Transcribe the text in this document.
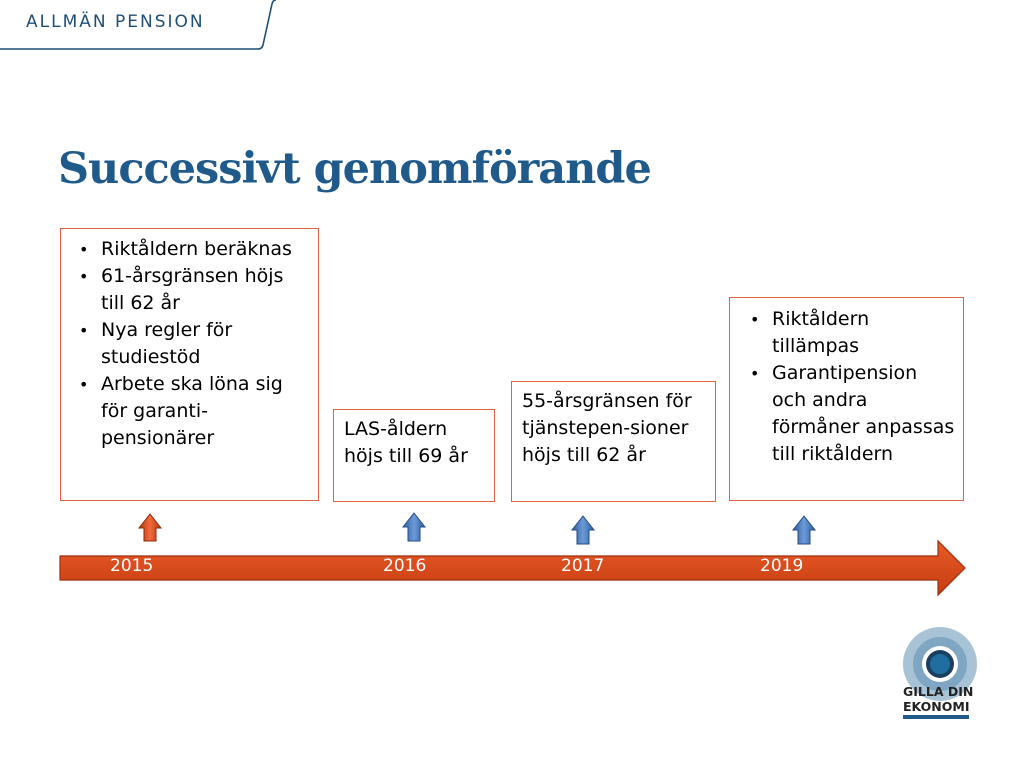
ALLMÄN PENSION
Successivt genomförande
• Riktåldern beräknas
• 61-årsgränsen höjs till 62 år
• Nya regler för studiestöd
• Arbete ska löna sig för garanti-pensionärer	LAS-åldern höjs till 69 år

55-årsgränsen för tjänstepen-sioner höjs till 62 år

• Riktåldern tillämpas
• Garantipension och andra förmåner anpassas till riktåldern
2015	2016	2017	2019
GILLA DIN
EKONOMI
